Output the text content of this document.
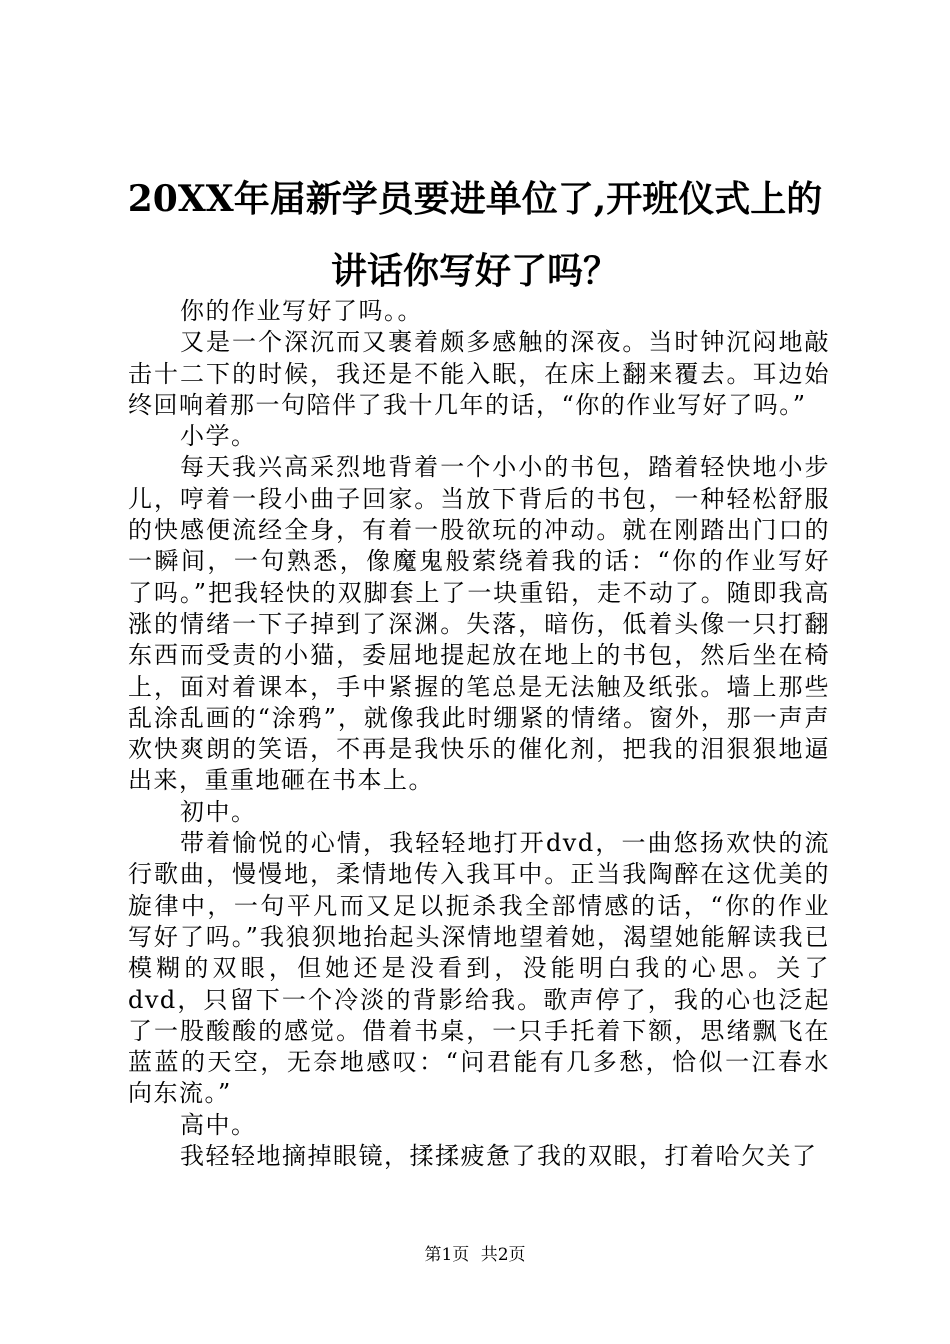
20XX年届新学员要进单位了,开班仪式上的讲话你写好了吗？

你的作业写好了吗。。

又是一个深沉而又裹着颇多感触的深夜。当时钟沉闷地敲击十二下的时候，我还是不能入眠，在床上翻来覆去。耳边始终回响着那一句陪伴了我十几年的话，“你的作业写好了吗。”

小学。

每天我兴高采烈地背着一个小小的书包，踏着轻快地小步儿，哼着一段小曲子回家。当放下背后的书包，一种轻松舒服的快感便流经全身，有着一股欲玩的冲动。就在刚踏出门口的一瞬间，一句熟悉，像魔鬼般萦绕着我的话：“你的作业写好了吗。”把我轻快的双脚套上了一块重铅，走不动了。随即我高涨的情绪一下子掉到了深渊。失落，暗伤，低着头像一只打翻东西而受责的小猫，委屈地提起放在地上的书包，然后坐在椅上，面对着课本，手中紧握的笔总是无法触及纸张。墙上那些乱涂乱画的“涂鸦”，就像我此时绷紧的情绪。窗外，那一声声欢快爽朗的笑语，不再是我快乐的催化剂，把我的泪狠狠地逼出来，重重地砸在书本上。

初中。

带着愉悦的心情，我轻轻地打开dvd，一曲悠扬欢快的流行歌曲，慢慢地，柔情地传入我耳中。正当我陶醉在这优美的旋律中，一句平凡而又足以扼杀我全部情感的话，“你的作业写好了吗。”我狼狈地抬起头深情地望着她，渴望她能解读我已模糊的双眼，但她还是没看到，没能明白我的心思。关了dvd，只留下一个冷淡的背影给我。歌声停了，我的心也泛起了一股酸酸的感觉。借着书桌，一只手托着下额，思绪飘飞在蓝蓝的天空，无奈地感叹：“问君能有几多愁，恰似一江春水向东流。”

高中。

我轻轻地摘掉眼镜，揉揉疲惫了我的双眼，打着哈欠关了

第1页 共2页
